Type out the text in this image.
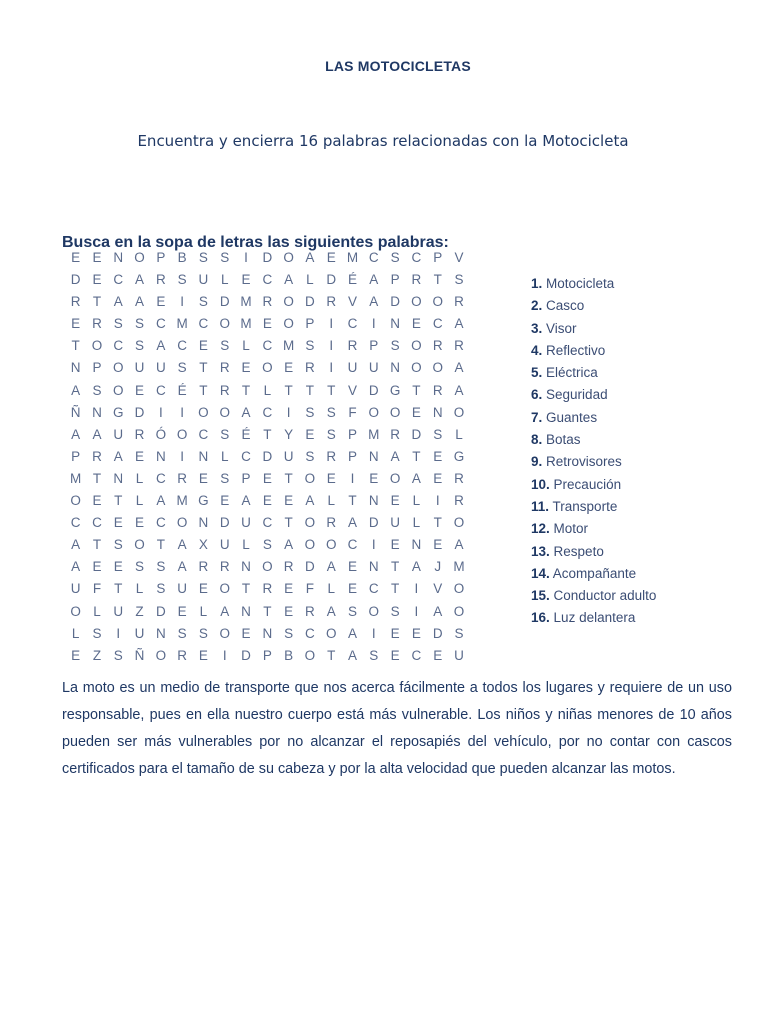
LAS MOTOCICLETAS
Encuentra y encierra 16 palabras relacionadas con la Motocicleta
Busca en la sopa de letras las siguientes palabras:
E E N O P B S S	I	D O A E M C S C P V
D E C A R S U L E C A L D É A P R T S
R T A A E	I	S D M R O D R V A D O O R
E R S S C M C O M E O P	I	C	I	N E C A
T O C S A C E S L C M S	I	R P S O R R
N P O U U S T R E O E R	I	U U N O O A
A S O E C É T R T L T T T V D G T R A
Ñ N G D	I	I	O O A C	I	S S F O O E N O
A A U R Ó O C S É T Y E S P M R D S L
P R A E N	I	N L C D U S R P N A T E G
M T N L C R E S P E T O E	I	E O A E R
O E T L A M G E A E E A L T N E L	I	R
C C E E C O N D U C T O R A D U L T O
A T S O T A X U L S A O O C	I	E N E A
A E E S S A R R N O R D A E N T A J M
U F T L S U E O T R E F L E C T	I	V O
O L U Z D E L A N T E R A S O S	I	A O
L S	I	U N S S O E N S C O A	I	E E D S
E Z S Ñ O R E	I	D P B O T A S E C E U
1. Motocicleta
2. Casco
3. Visor
4. Reflectivo
5. Eléctrica
6. Seguridad
7. Guantes
8. Botas
9. Retrovisores
10. Precaución
11. Transporte
12. Motor
13. Respeto
14. Acompañante
15. Conductor adulto
16. Luz delantera
La moto es un medio de transporte que nos acerca fácilmente a todos los lugares y requiere de un uso responsable, pues en ella nuestro cuerpo está más vulnerable. Los niños y niñas menores de 10 años pueden ser más vulnerables por no alcanzar el reposapiés del vehículo, por no contar con cascos certificados para el tamaño de su cabeza y por la alta velocidad que pueden alcanzar las motos.
